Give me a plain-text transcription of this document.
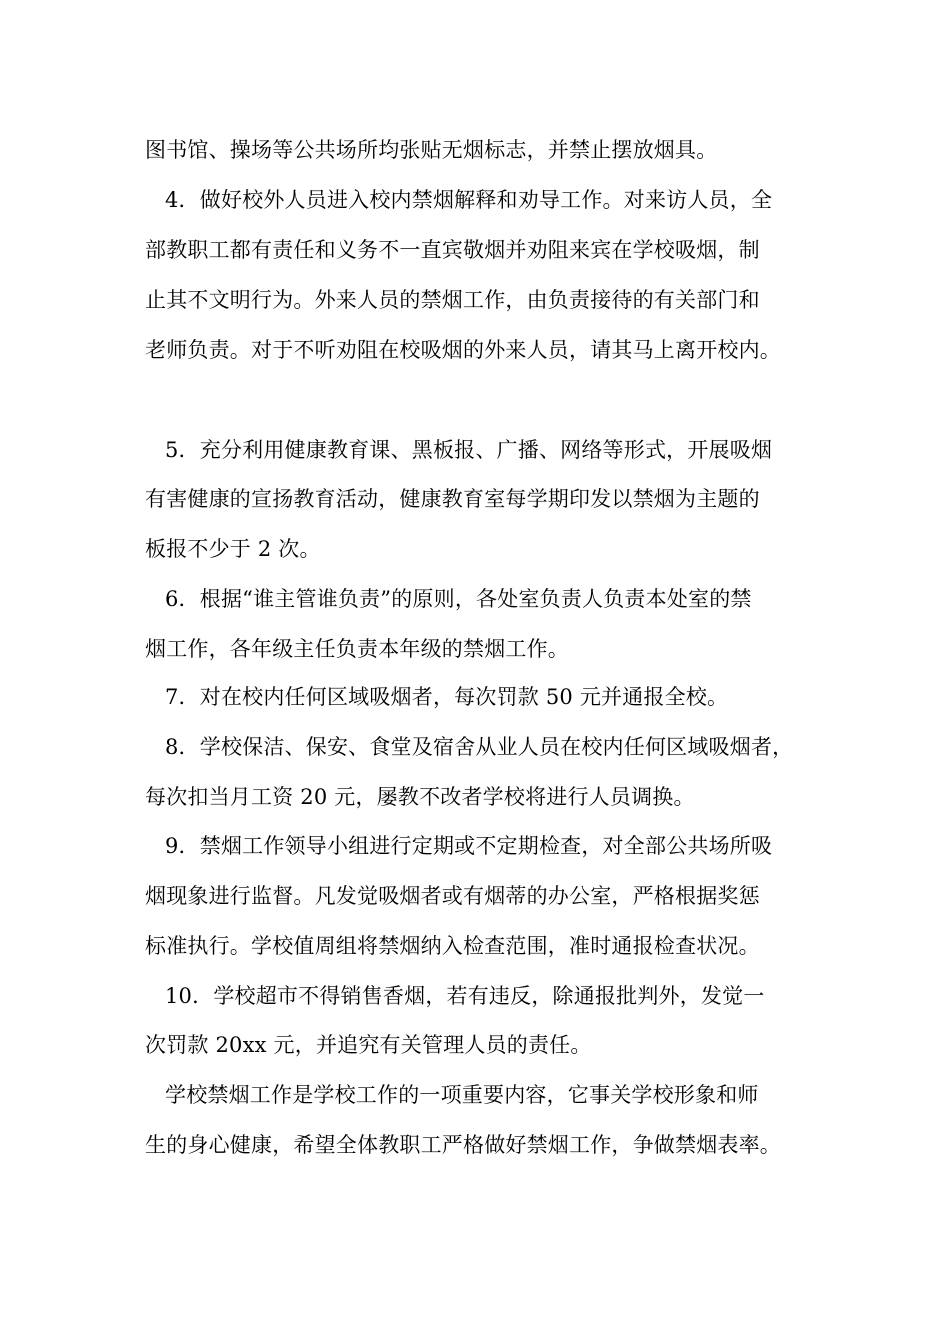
图书馆、操场等公共场所均张贴无烟标志，并禁止摆放烟具。
4．做好校外人员进入校内禁烟解释和劝导工作。对来访人员，全
部教职工都有责任和义务不一直宾敬烟并劝阻来宾在学校吸烟，制
止其不文明行为。外来人员的禁烟工作，由负责接待的有关部门和
老师负责。对于不听劝阻在校吸烟的外来人员，请其马上离开校内。
5．充分利用健康教育课、黑板报、广播、网络等形式，开展吸烟
有害健康的宣扬教育活动，健康教育室每学期印发以禁烟为主题的
板报不少于 2 次。
6．根据“谁主管谁负责”的原则，各处室负责人负责本处室的禁
烟工作，各年级主任负责本年级的禁烟工作。
7．对在校内任何区域吸烟者，每次罚款 50 元并通报全校。
8．学校保洁、保安、食堂及宿舍从业人员在校内任何区域吸烟者，
每次扣当月工资 20 元，屡教不改者学校将进行人员调换。
9．禁烟工作领导小组进行定期或不定期检查，对全部公共场所吸
烟现象进行监督。凡发觉吸烟者或有烟蒂的办公室，严格根据奖惩
标准执行。学校值周组将禁烟纳入检查范围，准时通报检查状况。
10．学校超市不得销售香烟，若有违反，除通报批判外，发觉一
次罚款 20xx 元，并追究有关管理人员的责任。
学校禁烟工作是学校工作的一项重要内容，它事关学校形象和师
生的身心健康，希望全体教职工严格做好禁烟工作，争做禁烟表率。
